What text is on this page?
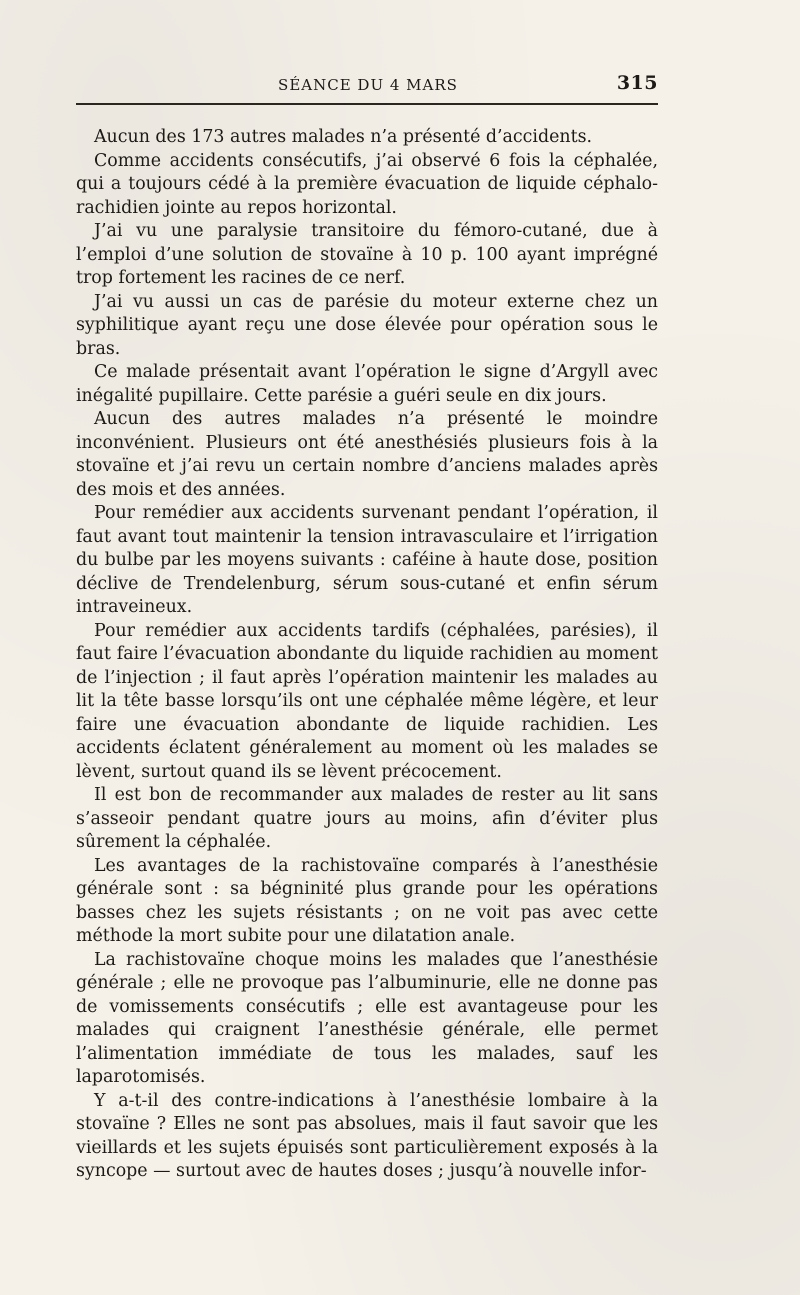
SÉANCE DU 4 MARS	315

Aucun des 173 autres malades n’a présenté d’accidents.

Comme accidents consécutifs, j’ai observé 6 fois la céphalée, qui a toujours cédé à la première évacuation de liquide céphalo-rachidien jointe au repos horizontal.

J’ai vu une paralysie transitoire du fémoro-cutané, due à l’emploi d’une solution de stovaïne à 10 p. 100 ayant imprégné trop fortement les racines de ce nerf.

J’ai vu aussi un cas de parésie du moteur externe chez un syphilitique ayant reçu une dose élevée pour opération sous le bras.

Ce malade présentait avant l’opération le signe d’Argyll avec inégalité pupillaire. Cette parésie a guéri seule en dix jours.

Aucun des autres malades n’a présenté le moindre inconvénient. Plusieurs ont été anesthésiés plusieurs fois à la stovaïne et j’ai revu un certain nombre d’anciens malades après des mois et des années.

Pour remédier aux accidents survenant pendant l’opération, il faut avant tout maintenir la tension intravasculaire et l’irrigation du bulbe par les moyens suivants : caféine à haute dose, position déclive de Trendelenburg, sérum sous-cutané et enfin sérum intraveineux.

Pour remédier aux accidents tardifs (céphalées, parésies), il faut faire l’évacuation abondante du liquide rachidien au moment de l’injection ; il faut après l’opération maintenir les malades au lit la tête basse lorsqu’ils ont une céphalée même légère, et leur faire une évacuation abondante de liquide rachidien. Les accidents éclatent généralement au moment où les malades se lèvent, surtout quand ils se lèvent précocement.

Il est bon de recommander aux malades de rester au lit sans s’asseoir pendant quatre jours au moins, afin d’éviter plus sûrement la céphalée.

Les avantages de la rachistovaïne comparés à l’anesthésie générale sont : sa bégninité plus grande pour les opérations basses chez les sujets résistants ; on ne voit pas avec cette méthode la mort subite pour une dilatation anale.

La rachistovaïne choque moins les malades que l’anesthésie générale ; elle ne provoque pas l’albuminurie, elle ne donne pas de vomissements consécutifs ; elle est avantageuse pour les malades qui craignent l’anesthésie générale, elle permet l’alimentation immédiate de tous les malades, sauf les laparotomisés.

Y a-t-il des contre-indications à l’anesthésie lombaire à la stovaïne ? Elles ne sont pas absolues, mais il faut savoir que les vieillards et les sujets épuisés sont particulièrement exposés à la syncope — surtout avec de hautes doses ; jusqu’à nouvelle infor-
